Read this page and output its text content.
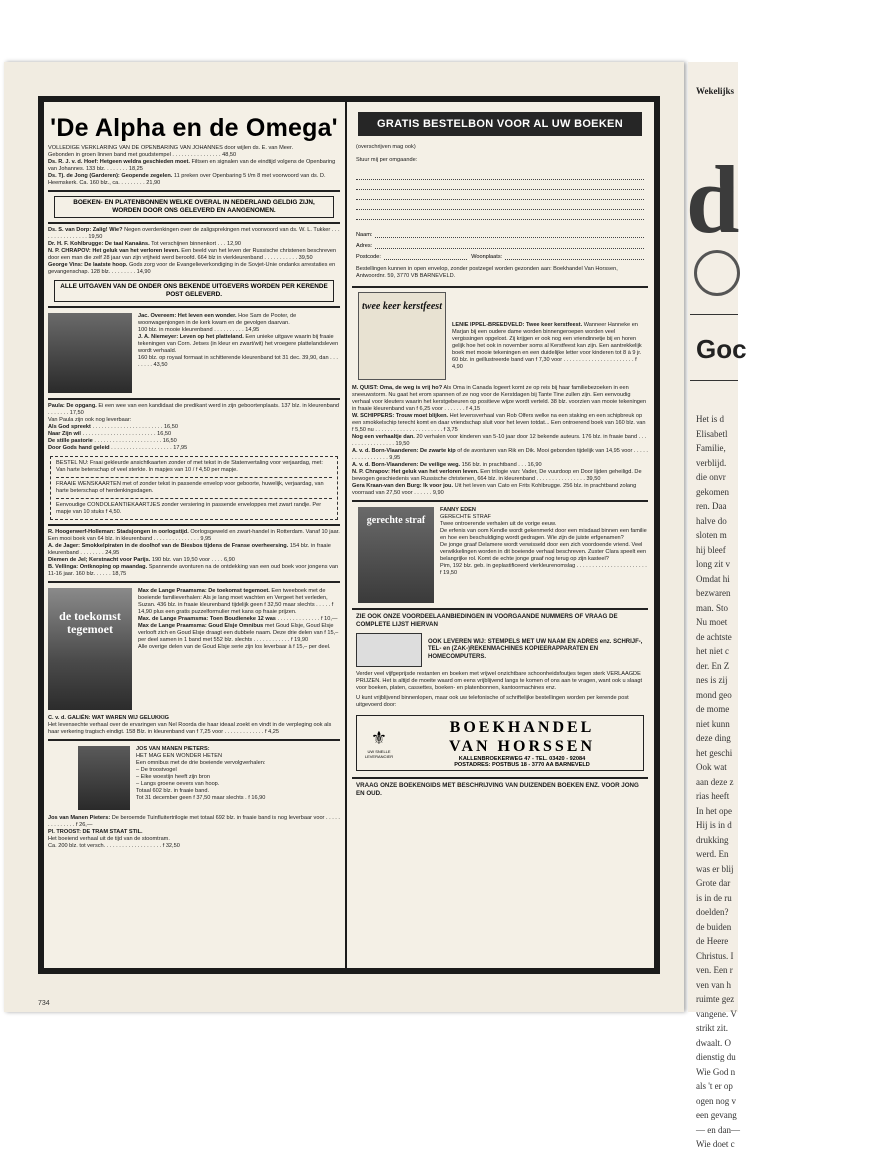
Wekelijks
d
Goc
Het is d
Elisabetl
Familie,
verblijd.
die onvr
gekomen
ren. Daa
halve do
sloten m
hij bleef
long zit v
Omdat hi
bezwaren
man. Sto
Nu moet
de achtste
het niet c
der. En Z
nes is zij
mond geo
de mome
niet kunn
deze ding
het geschi
Ook wat
aan deze z
rias heeft
In het ope
Hij is in d
drukking
werd. En
was er blij
Grote dar
is in de ru
doelden?
de buiden
de Heere
Christus. I
ven. Een r
ven van h
ruimte gez
vangene. V
strikt zit.
dwaalt. O
dienstig du
Wie God n
als 't er op
ogen nog v
een gevang
— en dan—
Wie doet c
'De Alpha en de Omega'

VOLLEDIGE VERKLARING VAN DE OPENBARING VAN JOHANNES door wijlen ds. E. van Meer.

Gebonden in groen linnen band met goudstempel . . . . . . . . . . . . . . . . 48,50

Ds. R. J. v. d. Hoef: Hetgeen weldra geschieden moet. Filtsen en signalen van de eindtijd volgens de Openbaring van Johannes. 133 blz. . . . . . . . 18,25

Ds. Tj. de Jong (Garderen): Geopende zegelen. 11 preken over Openbaring 5 t/m 8 met voorwoord van ds. D. Heemskerk. Ca. 160 blz., ca. . . . . . . . . 21,90

BOEKEN- EN PLATENBONNEN WELKE OVERAL IN NEDERLAND GELDIG ZIJN, WORDEN DOOR ONS GELEVERD EN AANGENOMEN.

Ds. S. van Dorp: Zalig! Wie? Negen overdenkingen over de zaligsprekingen met voorwoord van ds. W. L. Tukker . . . . . . . . . . . . . . . . 19,50

Dr. H. F. Kohlbrugge: De taal Kanaäns. Tot verschijnen binnenkort . . . 12,90

N. P. CHRAPOV: Het geluk van het verloren leven. Een beeld van het leven der Russische christenen beschreven door een man die zelf 28 jaar van zijn vrijheid werd beroofd. 664 blz in vierkleurenband . . . . . . . . . . . 39,50

George Vins: De laatste hoop. Gods zorg voor de Evangelieverkondiging in de Sovjet-Unie ondanks arrestaties en gevangenschap. 128 blz. . . . . . . . . 14,90

ALLE UITGAVEN VAN DE ONDER ONS BEKENDE UITGEVERS WORDEN PER KERENDE POST GELEVERD.

Jac. Overeem: Het leven een wonder. Hoe Sam de Pooter, de woonwagenjongen in de kerk kwam en de gevolgen daarvan.

100 blz. in mooie kleurenband . . . . . . . . . . 14,95

J. A. Niemeyer: Leven op het platteland. Een unieke uitgave waarin bij fraaie tekeningen van Corn. Jetses (in kleur en zwart/wit) het vroegere plattelandsleven wordt verhaald.

160 blz. op royaal formaat in schitterende kleurenband tot 31 dec. 39,90, dan . . . . . . . . 43,50

Paula: De opgang. Ei een wee van een kandidaat die predikant werd in zijn geboortenplaats. 137 blz. in kleurenband . . . . . . . 17,50

Van Paula zijn ook nog leverbaar:

Als God spreekt . . . . . . . . . . . . . . . . . . . . . . . 16,50

Naar Zijn wil . . . . . . . . . . . . . . . . . . . . . . . . 16,50

De stille pastorie . . . . . . . . . . . . . . . . . . . . . . 16,50

Door Gods hand geleid . . . . . . . . . . . . . . . . . . . . 17,95

BESTEL NU: Fraai gekleurde ansichtkaarten zonder of met tekst in de Statenvertaling voor verjaardag, met: Van harte beterschap of veel sterkte. In mapjes van 10 / f 4,50 per mapje.

FRAAIE WENSKAARTEN met of zonder tekst in passende envelop voor geboorte, huwelijk, verjaardag, van harte beterschap of herdenkingsdagen.

Eenvoudige CONDOLEANTIEKAARTJES zonder versiering in passende enveloppes met zwart randje. Per mapje van 10 stuks f 4,50.

R. Hoogerwerf-Holleman: Stadsjongen in oorlogstijd. Oorlogsgeweld en zwart-handel in Rotterdam. Vanaf 10 jaar.

Een mooi boek van 64 blz. in kleurenband . . . . . . . . . . . . . . . 9,95

A. de Jager: Smokkelpiraten in de doolhof van de Biesbos tijdens de Franse overheersing. 154 blz. in fraaie kleurenband . . . . . . . . 24,95

Diemen de Jel; Kerstnacht voor Parijs. 190 blz. van 19,50 voor . . . . 6,90

B. Vellinga: Ontknoping op maandag. Spannende avonturen na de ontdekking van een oud boek voor jongens van 11-16 jaar. 160 blz. . . . . . 18,75

de toekomst tegemoet

Max de Lange Praamsma: De toekomst tegemoet. Een tweeboek met de boeiende familieverhalen: Als je lang moet wachten en Vergeet het verleden, Suzan. 436 blz. in fraaie kleurenband tijdelijk geen f 32,50 maar slechts . . . . . f 14,90 plus een gratis puzzelformulier met kans op fraaie prijzen.

Max. de Lange Praamsma: Toen Boudieneke 12 was . . . . . . . . . . . . . . f 10,—

Max de Lange Praamsma: Goud Elsje Omnibus met Goud Elsje, Goud Elsje verlooft zich en Goud Elsje draagt een dubbele naam. Deze drie delen van f 15,– per deel samen in 1 band met 552 blz. slechts . . . . . . . . . . . . f 19,90

Alle overige delen van de Goud Elsje serie zijn los leverbaar à f 15,– per deel.

C. v. d. GALIËN: WAT WAREN WIJ GELUKKIG

Het levensechte verhaal over de ervaringen van Nel Roorda die haar ideaal zoekt en vindt in de verpleging ook als haar verkering tragisch eindigt. 158 Blz. in kleurenband van f 7,25 voor . . . . . . . . . . . . . f 4,25

JOS VAN MANEN PIETERS:

HET MAG EEN WONDER HETEN

Een omnibus met de drie boeiende vervolgverhalen:

– De troostvogel

– Elke woestijn heeft zijn bron

– Langs groene oevers van hoop.

Totaal 602 blz. in fraaie band.

Tot 31 december geen f 37,50 maar slechts . f 16,90

Jos van Manen Pieters: De beroemde Tuinfluitertrilogie met totaal 692 blz. in fraaie band is nog leverbaar voor . . . . . . . . . . . . . . f 26,—

Pl. TROOST: DE TRAM STAAT STIL.

Het boeiend verhaal uit de tijd van de stoomtram.

Ca. 200 blz. tot versch. . . . . . . . . . . . . . . . . . . f 32,50

GRATIS BESTELBON VOOR AL UW BOEKEN

(overschrijven mag ook)

Stuur mij per omgaande:

Naam:
Adres:
Postcode:	Woonplaats:

Bestellingen kunnen in open envelop, zonder postzegel worden gezonden aan: Boekhandel Van Horssen, Antwoordnr. 59, 3770 VB BARNEVELD.

twee keer kerstfeest

LENIE IPPEL-BREEDVELD: Twee keer kerstfeest. Wanneer Hanneke en Marjan bij een oudere dame worden binnengeroepen worden veel vergissingen opgelost. Zij krijgen er ook nog een vriendinnetje bij en horen gelijk hoe het ook in november soms al Kerstfeest kan zijn. Een aantrekkelijk boek met mooie tekeningen en een duidelijke letter voor kinderen tot 8 à 9 jr. 60 blz. in geillustreerde band van f 7,30 voor . . . . . . . . . . . . . . . . . . . . . . . f 4,90

M. QUIST: Oma, de weg is vrij ho? Als Oma in Canada logeert komt ze op reis bij haar familiebezoeken in een sneeuwstorm. Nu gaat het erom spannen of ze nog voor de Kerstdagen bij Tante Tine zullen zijn. Een eenvoudig verhaal voor kleuters waarin het kerstgebeuren op positieve wijze wordt verteld. 38 blz. voorzien van mooie tekeningen in fraaie kleurenband van f 6,25 voor . . . . . . . f 4,15

W. SCHIPPERS: Trouw moet blijken. Het levensverhaal van Rob Olfers welke na een staking en een schipbreuk op een smokkelschip terecht komt en daar vriendschap sluit voor het leven totdat... Een ontroerend boek van 160 blz. van f 5,50 nu . . . . . . . . . . . . . . . . . . . . . . f 3,75

Nog een verhaaltje dan. 20 verhalen voor kinderen van 5-10 jaar door 12 bekende auteurs. 176 blz. in fraaie band . . . . . . . . . . . . . . . . . 19,50

A. v. d. Born-Vlaanderen: De zwarte kip of de avonturen van Rik en Dik. Mooi gebonden tijdelijk van 14,95 voor . . . . . . . . . . . . . . . . . 9,95

A. v. d. Born-Vlaanderen: De veilige weg. 156 blz. in prachtband . . . 16,90

N. P. Chrapov: Het geluk van het verloren leven. Een trilogie van: Vader, De vuurdoop en Door lijden geheiligd. De bewogen geschiedenis van Russische christenen, 664 blz. in kleurenband . . . . . . . . . . . . . . . . 39,50

Gera Kraan-van den Burg: Ik voor jou. Uit het leven van Cato en Frits Kohlbrugge. 256 blz. in prachtband zolang voorraad van 27,50 voor . . . . . . 9,90

gerechte straf

FANNY EDEN

GERECHTE STRAF

Twee ontroerende verhalen uit de vorige eeuw.

De erfenis van oom Kendle wordt gekenmerkt door een misdaad binnen een familie en hoe een beschuldiging wordt gedragen. Wie zijn de juiste erfgenamen?

De jonge graaf Delamere wordt verwisseld door een zich voordoende vriend. Veel verwikkelingen worden in dit boeiende verhaal beschreven. Zuster Clara speelt een belangrijke rol. Komt de echte jonge graaf nog terug op zijn kasteel?

Pim, 192 blz. geb. in geplastificeerd vierkleurenomslag . . . . . . . . . . . . . . . . . . . . . . . f 19,50

ZIE OOK ONZE VOORDEELAANBIEDINGEN IN VOORGAANDE NUMMERS OF VRAAG DE COMPLETE LIJST HIERVAN

OOK LEVEREN WIJ: STEMPELS MET UW NAAM EN ADRES enz. SCHRIJF-, TEL- en (ZAK-)REKENMACHINES KOPIEERAPPARATEN EN HOMECOMPUTERS.

Verder veel vijfgeprijsde restanten en boeken met vrijwel onzichtbare schoonheidsfoutjes tegen sterk VERLAAGDE PRIJZEN. Het is altijd de moeite waard om eens vrijblijvend langs te komen of ons aan te vragen, want ook u slaagt voor boeken, platen, cassettes, boeken- en platenbonnen, kantoormachines enz.

U kunt vrijblijvend binnenlopen, maar ook uw telefonische of schriftelijke bestellingen worden per kerende post uitgevoerd door:

⚜
UW SNELLE LEVERANCIER
BOEKHANDEL
VAN HORSSEN
KALLENBROEKERWEG 47 - TEL. 03420 - 92084
POSTADRES: POSTBUS 18 - 3770 AA BARNEVELD

VRAAG ONZE BOEKENGIDS MET BESCHRIJVING VAN DUIZENDEN BOEKEN ENZ. VOOR JONG EN OUD.

734
